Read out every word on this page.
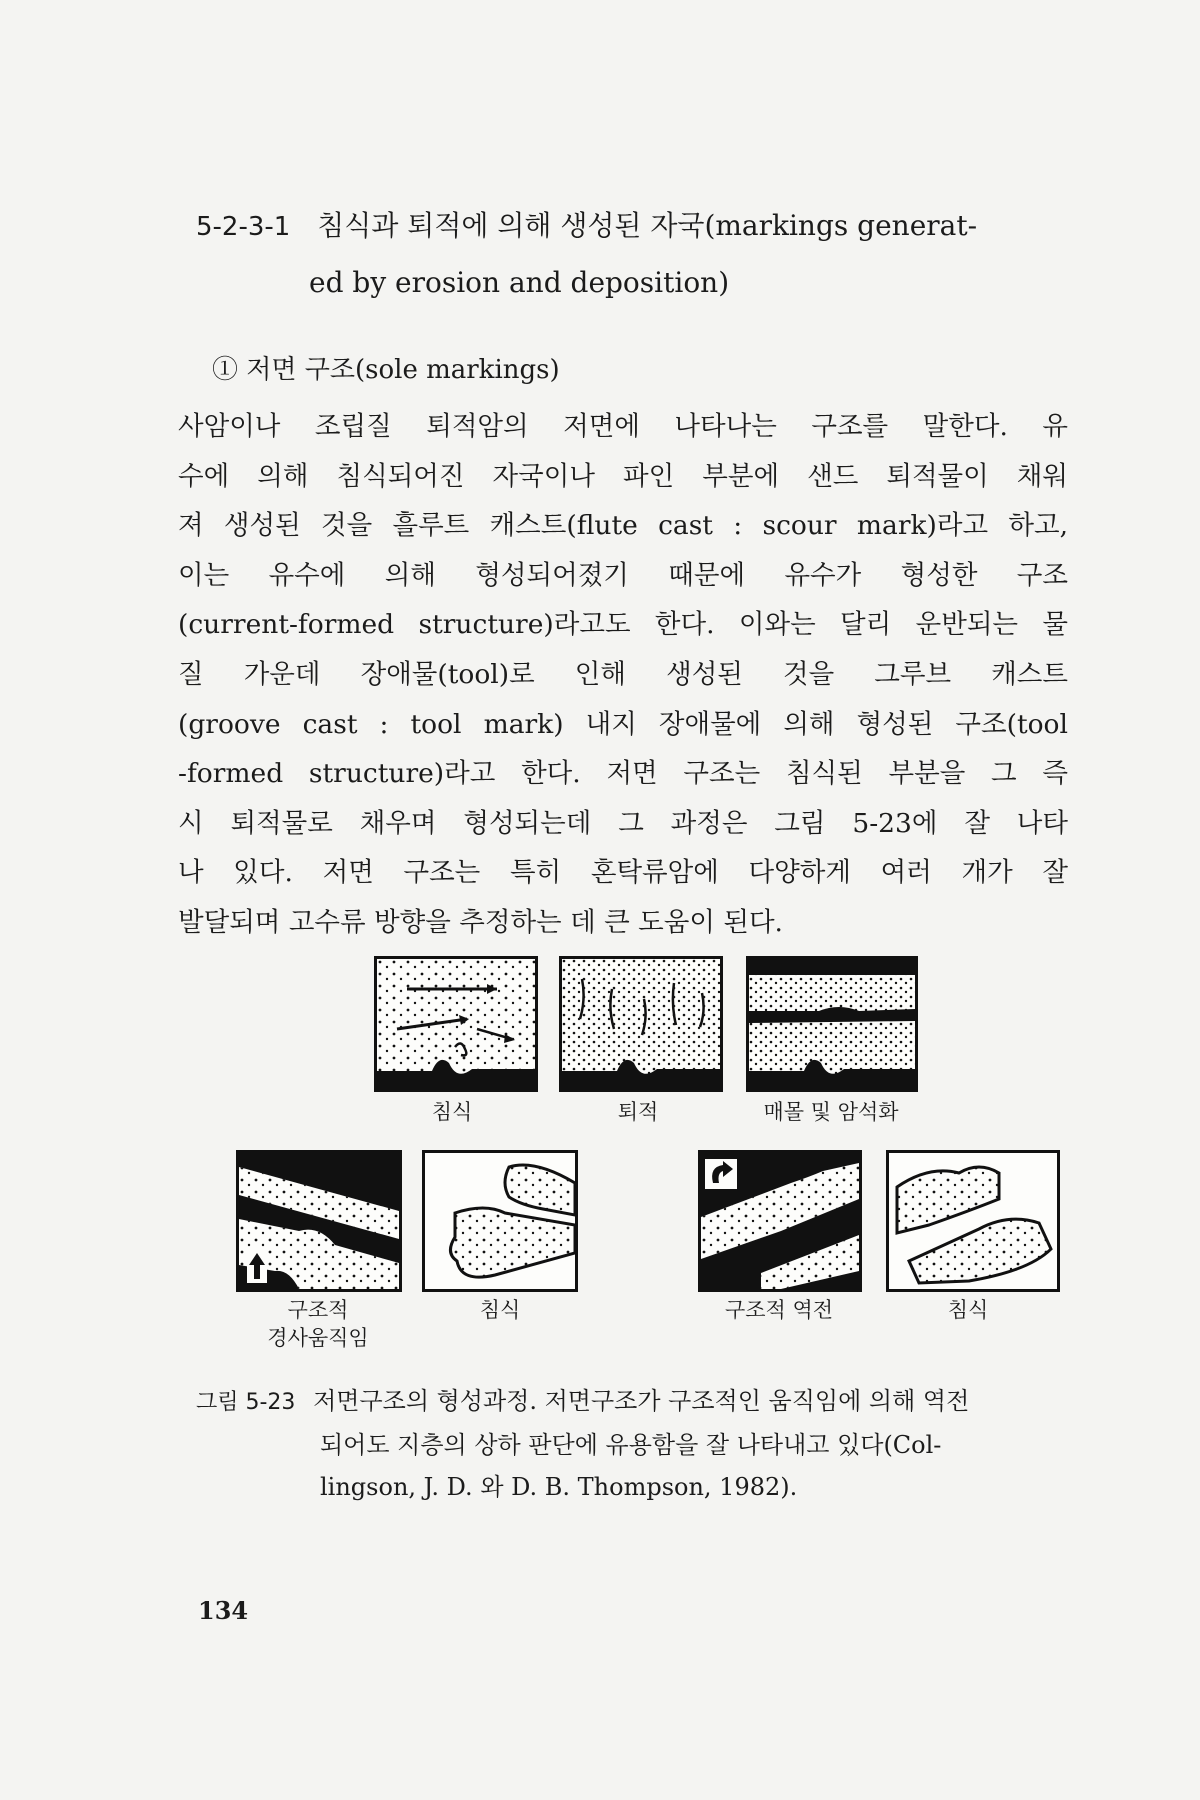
5-2-3-1 침식과 퇴적에 의해 생성된 자국(markings generat-
ed by erosion and deposition)
① 저면 구조(sole markings)
사암이나 조립질 퇴적암의 저면에 나타나는 구조를 말한다. 유
수에 의해 침식되어진 자국이나 파인 부분에 샌드 퇴적물이 채워
져 생성된 것을 흘루트 캐스트(flute cast : scour mark)라고 하고,
이는 유수에 의해 형성되어졌기 때문에 유수가 형성한 구조
(current-formed structure)라고도 한다. 이와는 달리 운반되는 물
질 가운데 장애물(tool)로 인해 생성된 것을 그루브 캐스트
(groove cast : tool mark) 내지 장애물에 의해 형성된 구조(tool
-formed structure)라고 한다. 저면 구조는 침식된 부분을 그 즉
시 퇴적물로 채우며 형성되는데 그 과정은 그림 5-23에 잘 나타
나 있다. 저면 구조는 특히 혼탁류암에 다양하게 여러 개가 잘
발달되며 고수류 방향을 추정하는 데 큰 도움이 된다.
침식	퇴적	매몰 및 암석화
구조적
경사움직임
침식	구조적 역전	침식
그림 5-23 저면구조의 형성과정. 저면구조가 구조적인 움직임에 의해 역전
되어도 지층의 상하 판단에 유용함을 잘 나타내고 있다(Col-
lingson, J. D. 와 D. B. Thompson, 1982).
134
